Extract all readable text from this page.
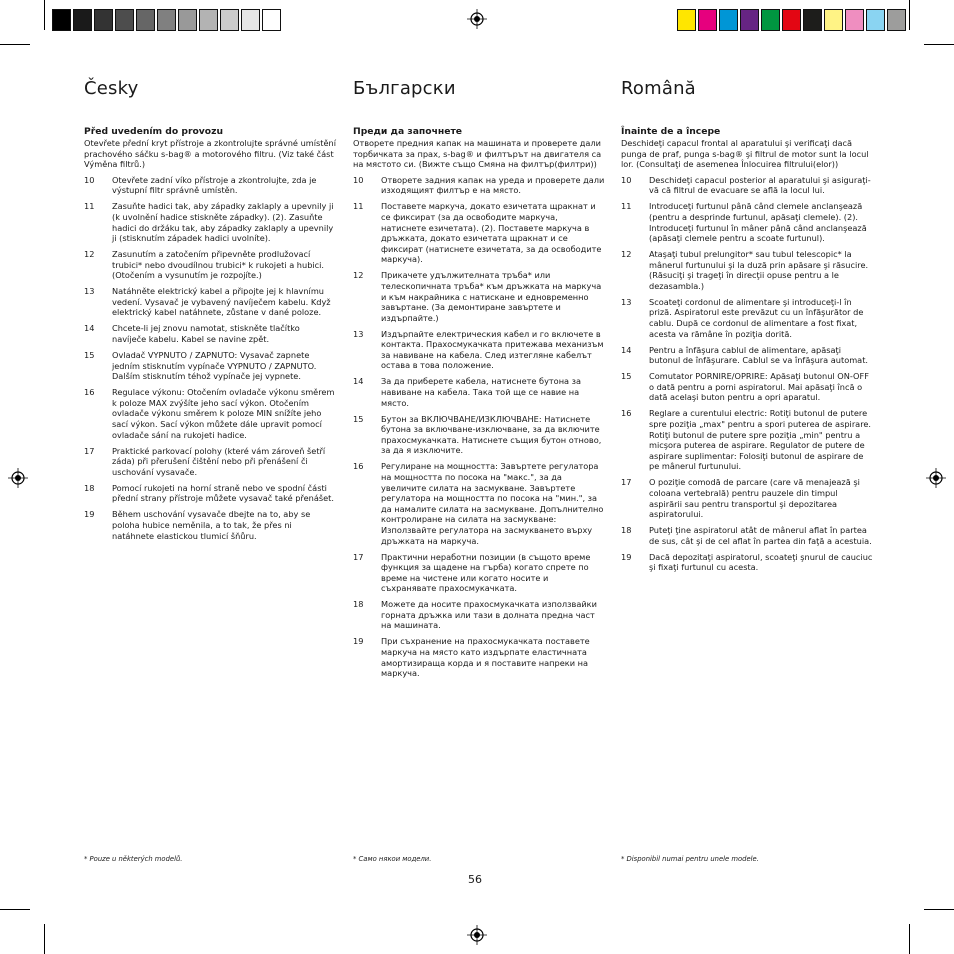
Česky
Před uvedením do provozu
Otevřete přední kryt přístroje a zkontrolujte správné umístění prachového sáčku s-bag® a motorového filtru. (Viz také část Výměna filtrů.)
10	Otevřete zadní víko přístroje a zkontrolujte, zda je výstupní filtr správně umístěn.
11	Zasuňte hadici tak, aby západky zaklaply a upevnily ji (k uvolnění hadice stiskněte západky). (2). Zasuňte hadici do držáku tak, aby západky zaklaply a upevnily ji (stisknutím západek hadici uvolníte).
12	Zasunutím a zatočením připevněte prodlužovací trubici* nebo dvoudílnou trubici* k rukojeti a hubici. (Otočením a vysunutím je rozpojíte.)
13	Natáhněte elektrický kabel a připojte jej k hlavnímu vedení. Vysavač je vybavený navíječem kabelu. Když elektrický kabel natáhnete, zůstane v dané poloze.
14	Chcete-li jej znovu namotat, stiskněte tlačítko navíječe kabelu. Kabel se navine zpět.
15	Ovladač VYPNUTO / ZAPNUTO: Vysavač zapnete jedním stisknutím vypínače VYPNUTO / ZAPNUTO. Dalším stisknutím téhož vypínače jej vypnete.
16	Regulace výkonu: Otočením ovladače výkonu směrem k poloze MAX zvýšíte jeho sací výkon. Otočením ovladače výkonu směrem k poloze MIN snížíte jeho sací výkon. Sací výkon můžete dále upravit pomocí ovladače sání na rukojeti hadice.
17	Praktické parkovací polohy (které vám zároveň šetří záda) při přerušení čištění nebo při přenášení či uschování vysavače.
18	Pomocí rukojeti na horní straně nebo ve spodní části přední strany přístroje můžete vysavač také přenášet.
19	Během uschování vysavače dbejte na to, aby se poloha hubice neměnila, a to tak, že přes ni natáhnete elastickou tlumicí šňůru.
Български
Преди да започнете
Отворете предния капак на машината и проверете дали торбичката за прах, s-bag® и филтърът на двигателя са на мястото си. (Вижте също Смяна на филтър(филтри))
10	Отворете задния капак на уреда и проверете дали изходящият филтър е на място.
11	Поставете маркуча, докато езичетата щракнат и се фиксират (за да освободите маркуча, натиснете езичетата). (2). Поставете маркуча в дръжката, докато езичетата щракнат и се фиксират (натиснете езичетата, за да освободите маркуча).
12	Прикачете удължителната тръба* или телескопичната тръба* към дръжката на маркуча и към накрайника с натискане и едновременно завъртане. (За демонтиране завъртете и издърпайте.)
13	Издърпайте електрическия кабел и го включете в контакта. Прахосмукачката притежава механизъм за навиване на кабела. След изтегляне кабелът остава в това положение.
14	За да приберете кабела, натиснете бутона за навиване на кабела. Така той ще се навие на място.
15	Бутон за ВКЛЮЧВАНЕ/ИЗКЛЮЧВАНЕ: Натиснете бутона за включване-изключване, за да включите прахосмукачката. Натиснете същия бутон отново, за да я изключите.
16	Регулиране на мощността: Завъртете регулатора на мощността по посока на "макс.", за да увеличите силата на засмукване. Завъртете регулатора на мощността по посока на "мин.", за да намалите силата на засмукване. Допълнително контролиране на силата на засмукване: Използвайте регулатора на засмукването върху дръжката на маркуча.
17	Практични неработни позиции (в същото време функция за щадене на гърба) когато спрете по време на чистене или когато носите и съхранявате прахосмукачката.
18	Можете да носите прахосмукачката използвайки горната дръжка или тази в долната предна част на машината.
19	При съхранение на прахосмукачката поставете маркуча на място като издърпате еластичната амортизираща корда и я поставите напреки на маркуча.
Română
Înainte de a începe
Deschideţi capacul frontal al aparatului şi verificaţi dacă punga de praf, punga s-bag® şi filtrul de motor sunt la locul lor. (Consultaţi de asemenea Înlocuirea filtrului(elor))
10	Deschideţi capacul posterior al aparatului şi asiguraţi-vă că filtrul de evacuare se află la locul lui.
11	Introduceţi furtunul până când clemele anclanşează (pentru a desprinde furtunul, apăsaţi clemele). (2). Introduceţi furtunul în mâner până când anclanşează (apăsaţi clemele pentru a scoate furtunul).
12	Ataşaţi tubul prelungitor* sau tubul telescopic* la mânerul furtunului şi la duză prin apăsare şi răsucire. (Răsuciţi şi trageţi în direcţii opuse pentru a le dezasambla.)
13	Scoateţi cordonul de alimentare şi introduceţi-l în priză. Aspiratorul este prevăzut cu un înfăşurător de cablu. După ce cordonul de alimentare a fost fixat, acesta va rămâne în poziţia dorită.
14	Pentru a înfăşura cablul de alimentare, apăsaţi butonul de înfăşurare. Cablul se va înfăşura automat.
15	Comutator PORNIRE/OPRIRE: Apăsaţi butonul ON-OFF o dată pentru a porni aspiratorul. Mai apăsaţi încă o dată acelaşi buton pentru a opri aparatul.
16	Reglare a curentului electric: Rotiţi butonul de putere spre poziţia „max" pentru a spori puterea de aspirare. Rotiţi butonul de putere spre poziţia „min" pentru a micşora puterea de aspirare. Regulator de putere de aspirare suplimentar: Folosiţi butonul de aspirare de pe mânerul furtunului.
17	O poziţie comodă de parcare (care vă menajează şi coloana vertebrală) pentru pauzele din timpul aspirării sau pentru transportul şi depozitarea aspiratorului.
18	Puteţi ţine aspiratorul atât de mânerul aflat în partea de sus, cât şi de cel aflat în partea din faţă a acestuia.
19	Dacă depozitaţi aspiratorul, scoateţi şnurul de cauciuc şi fixaţi furtunul cu acesta.
* Pouze u některých modelů.	* Само някои модели.	* Disponibil numai pentru unele modele.
56
